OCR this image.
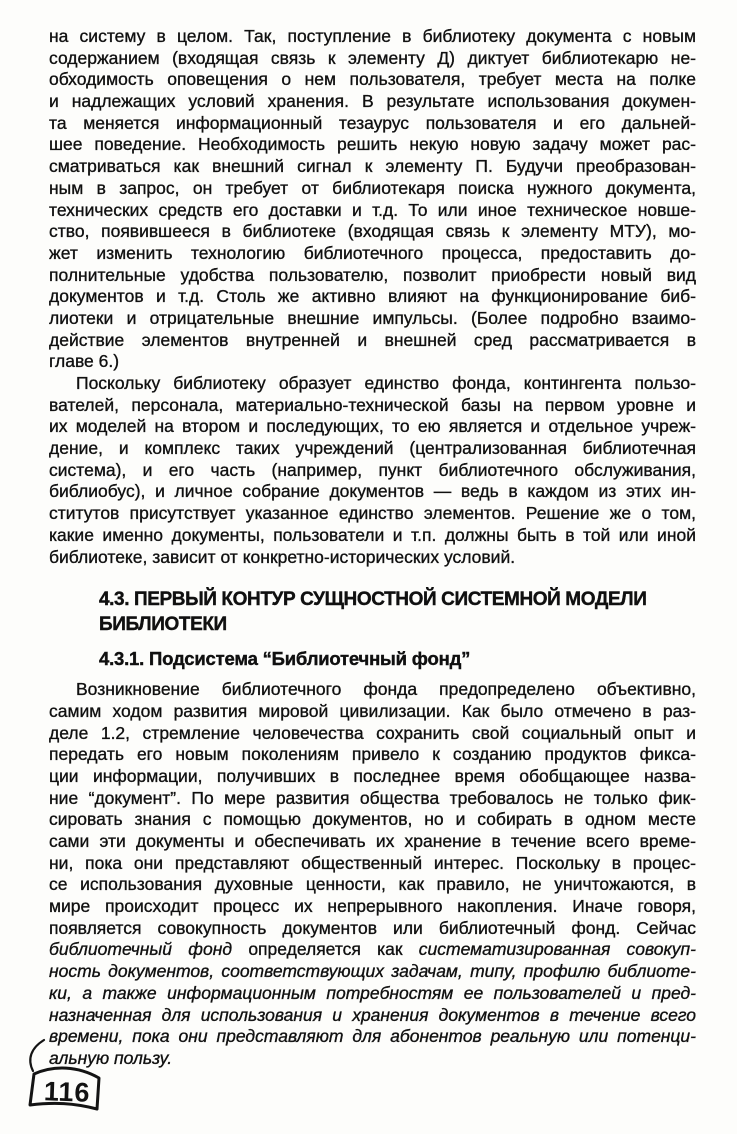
на систему в целом. Так, поступление в библиотеку документа с новым
содержанием (входящая связь к элементу Д) диктует библиотекарю не-
обходимость оповещения о нем пользователя, требует места на полке
и надлежащих условий хранения. В результате использования докумен-
та меняется информационный тезаурус пользователя и его дальней-
шее поведение. Необходимость решить некую новую задачу может рас-
сматриваться как внешний сигнал к элементу П. Будучи преобразован-
ным в запрос, он требует от библиотекаря поиска нужного документа,
технических средств его доставки и т.д. То или иное техническое новше-
ство, появившееся в библиотеке (входящая связь к элементу МТУ), мо-
жет изменить технологию библиотечного процесса, предоставить до-
полнительные удобства пользователю, позволит приобрести новый вид
документов и т.д. Столь же активно влияют на функционирование биб-
лиотеки и отрицательные внешние импульсы. (Более подробно взаимо-
действие элементов внутренней и внешней сред рассматривается в
главе 6.)
Поскольку библиотеку образует единство фонда, контингента пользо-
вателей, персонала, материально-технической базы на первом уровне и
их моделей на втором и последующих, то ею является и отдельное учреж-
дение, и комплекс таких учреждений (централизованная библиотечная
система), и его часть (например, пункт библиотечного обслуживания,
библиобус), и личное собрание документов — ведь в каждом из этих ин-
ститутов присутствует указанное единство элементов. Решение же о том,
какие именно документы, пользователи и т.п. должны быть в той или иной
библиотеке, зависит от конкретно-исторических условий.
4.3. ПЕРВЫЙ КОНТУР СУЩНОСТНОЙ СИСТЕМНОЙ МОДЕЛИ
БИБЛИОТЕКИ
4.3.1. Подсистема “Библиотечный фонд”
Возникновение библиотечного фонда предопределено объективно,
самим ходом развития мировой цивилизации. Как было отмечено в раз-
деле 1.2, стремление человечества сохранить свой социальный опыт и
передать его новым поколениям привело к созданию продуктов фикса-
ции информации, получивших в последнее время обобщающее назва-
ние “документ”. По мере развития общества требовалось не только фик-
сировать знания с помощью документов, но и собирать в одном месте
сами эти документы и обеспечивать их хранение в течение всего време-
ни, пока они представляют общественный интерес. Поскольку в процес-
се использования духовные ценности, как правило, не уничтожаются, в
мире происходит процесс их непрерывного накопления. Иначе говоря,
появляется совокупность документов или библиотечный фонд. Сейчас
библиотечный фонд определяется как систематизированная совокуп-
ность документов, соответствующих задачам, типу, профилю библиоте-
ки, а также информационным потребностям ее пользователей и пред-
назначенная для использования и хранения документов в течение всего
времени, пока они представляют для абонентов реальную или потенци-
альную пользу.
116
